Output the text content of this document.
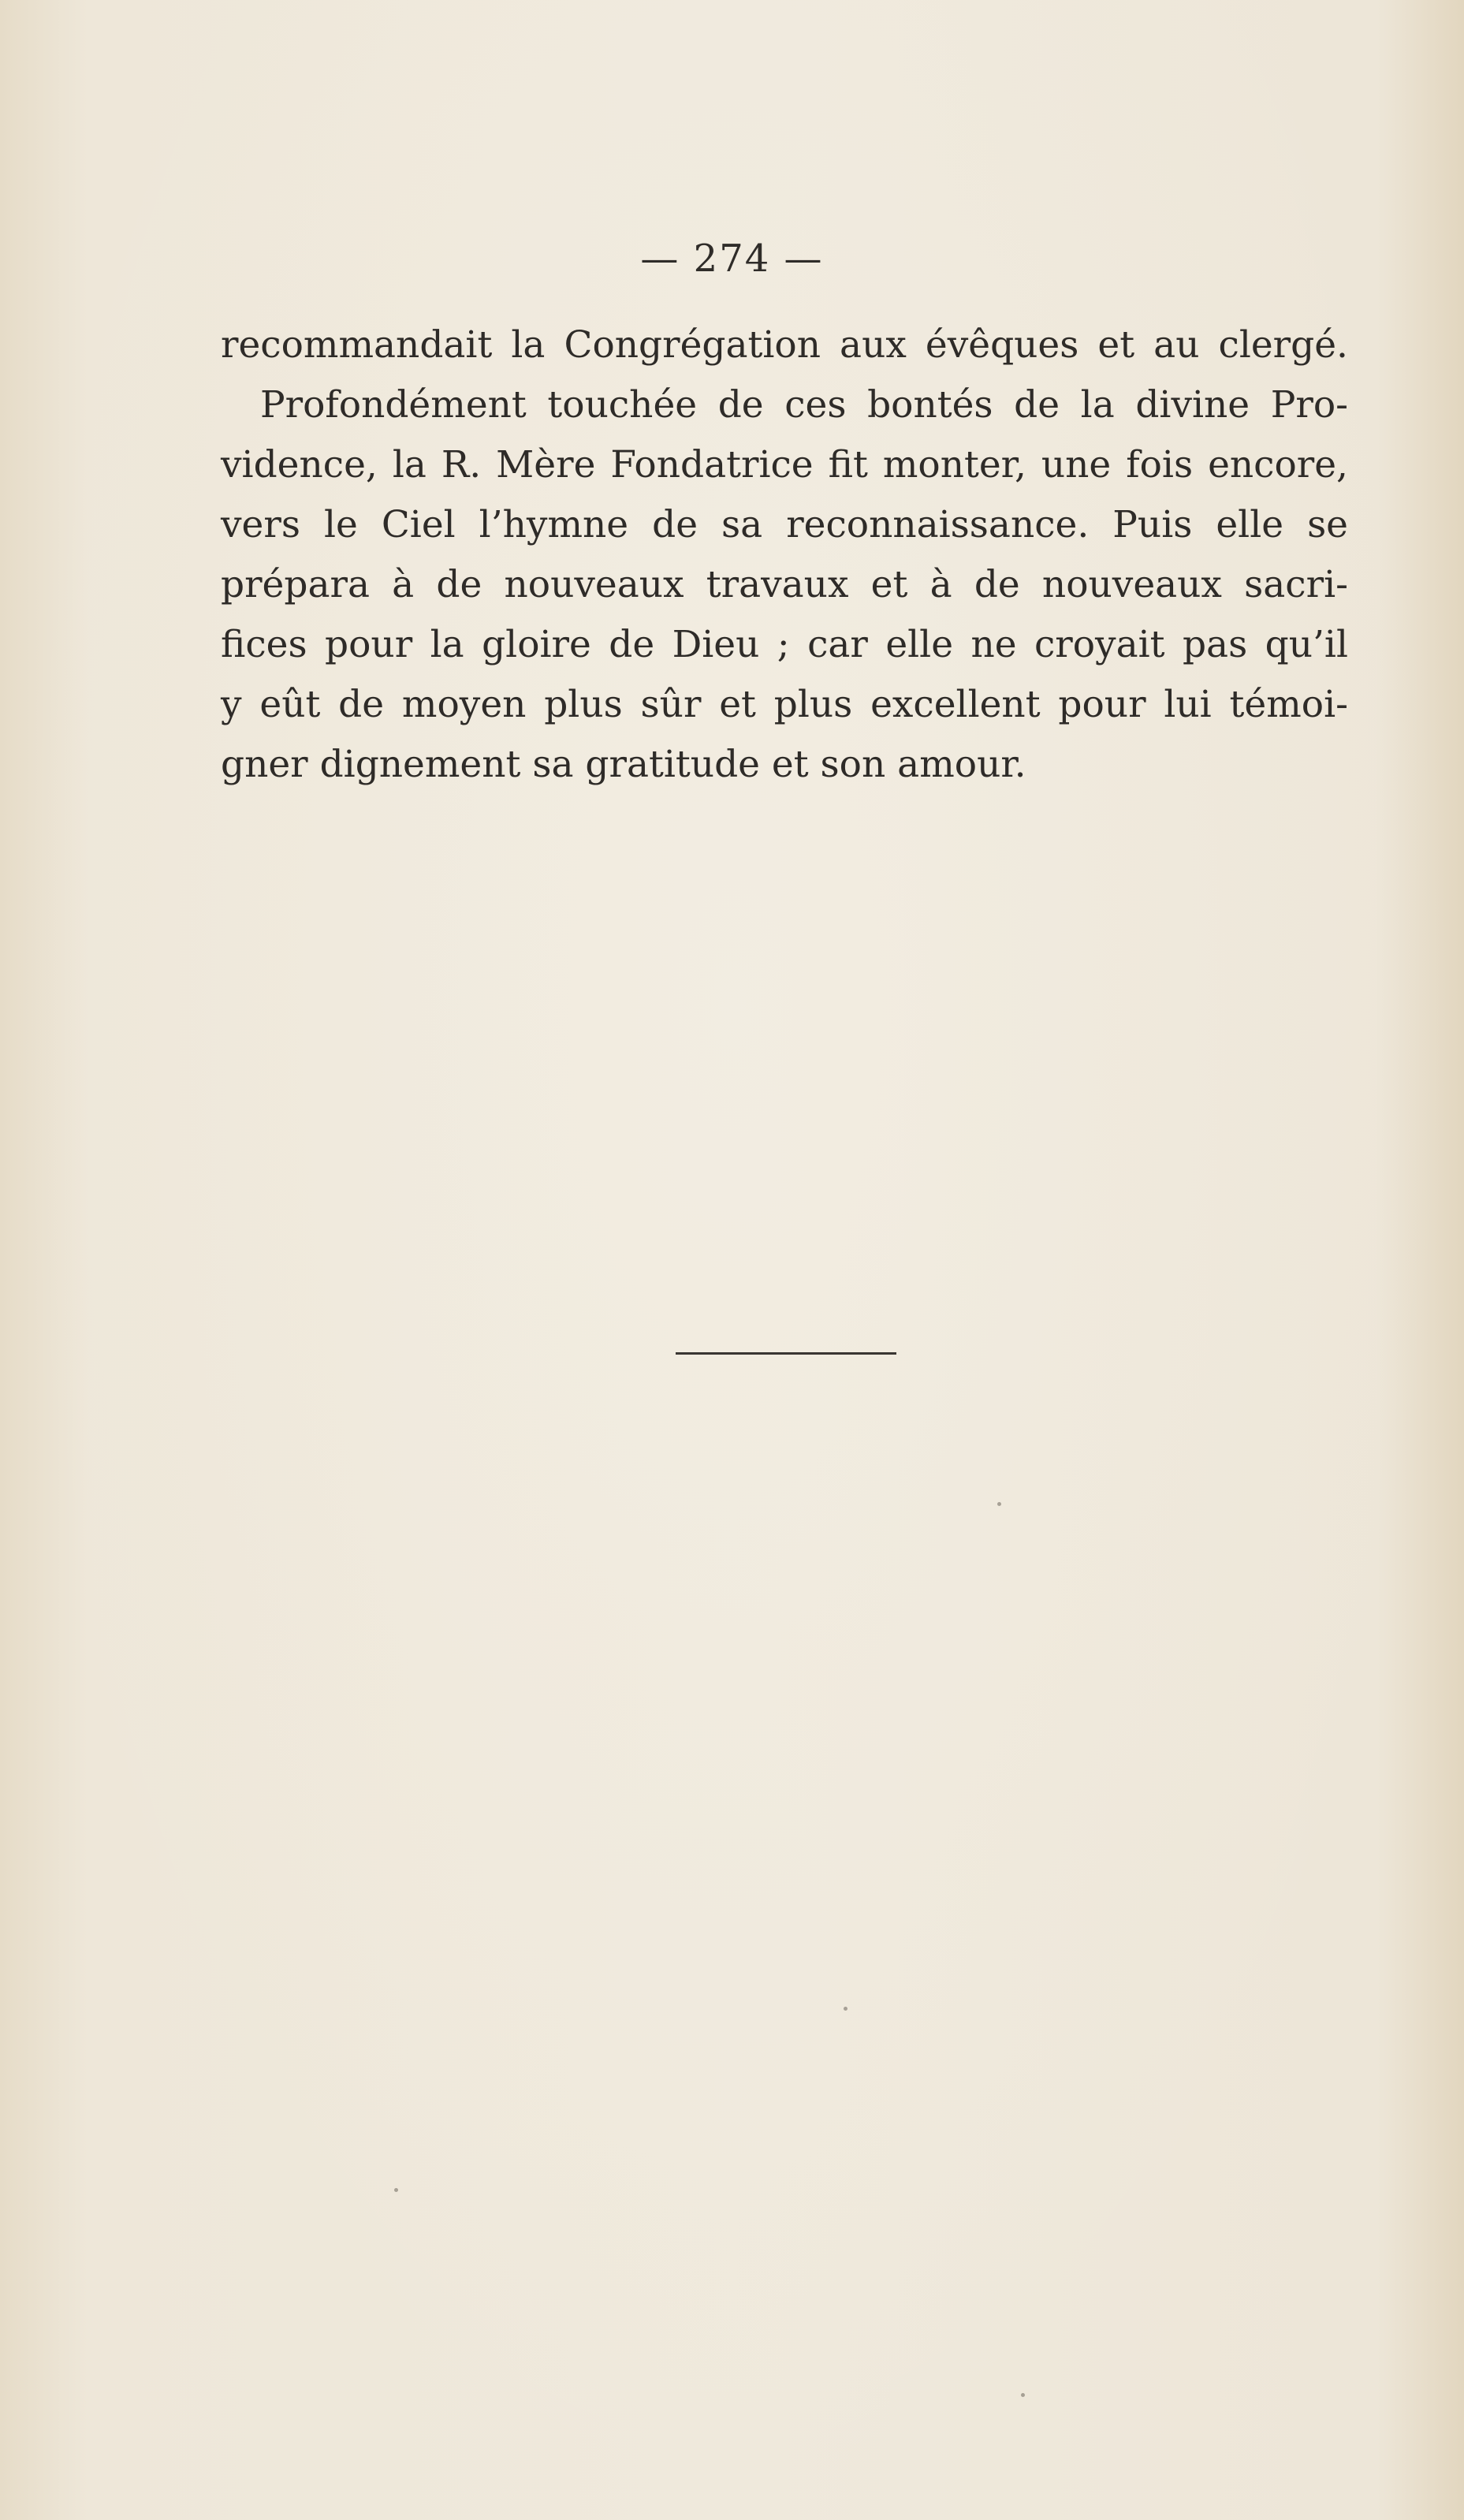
— 274 —
recommandait la Congrégation aux évêques et au clergé.
Profondément touchée de ces bontés de la divine Pro-
vidence, la R. Mère Fondatrice fit monter, une fois encore,
vers le Ciel l’hymne de sa reconnaissance. Puis elle se
prépara à de nouveaux travaux et à de nouveaux sacri-
fices pour la gloire de Dieu ; car elle ne croyait pas qu’il
y eût de moyen plus sûr et plus excellent pour lui témoi-
gner dignement sa gratitude et son amour.
